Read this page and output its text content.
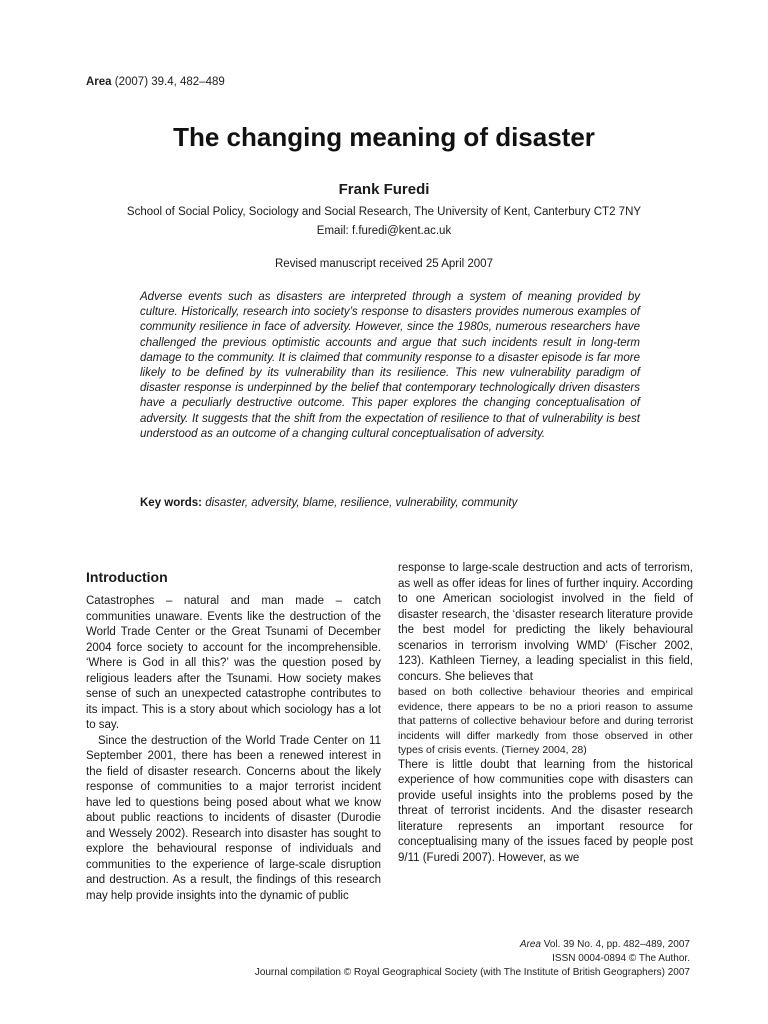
Area (2007) 39.4, 482–489
The changing meaning of disaster
Frank Furedi
School of Social Policy, Sociology and Social Research, The University of Kent, Canterbury CT2 7NY
Email: f.furedi@kent.ac.uk
Revised manuscript received 25 April 2007

Adverse events such as disasters are interpreted through a system of meaning provided by culture. Historically, research into society’s response to disasters provides numerous examples of community resilience in face of adversity. However, since the 1980s, numerous researchers have challenged the previous optimistic accounts and argue that such incidents result in long-term damage to the community. It is claimed that community response to a disaster episode is far more likely to be defined by its vulnerability than its resilience. This new vulnerability paradigm of disaster response is underpinned by the belief that contemporary technologically driven disasters have a peculiarly destructive outcome. This paper explores the changing conceptualisation of adversity. It suggests that the shift from the expectation of resilience to that of vulnerability is best understood as an outcome of a changing cultural conceptualisation of adversity.

Key words: disaster, adversity, blame, resilience, vulnerability, community

Introduction

Catastrophes – natural and man made – catch communities unaware. Events like the destruction of the World Trade Center or the Great Tsunami of December 2004 force society to account for the incomprehensible. ‘Where is God in all this?’ was the question posed by religious leaders after the Tsunami. How society makes sense of such an unexpected catastrophe contributes to its impact. This is a story about which sociology has a lot to say.

Since the destruction of the World Trade Center on 11 September 2001, there has been a renewed interest in the field of disaster research. Concerns about the likely response of communities to a major terrorist incident have led to questions being posed about what we know about public reactions to incidents of disaster (Durodie and Wessely 2002). Research into disaster has sought to explore the behavioural response of individuals and communities to the experience of large-scale disruption and destruction. As a result, the findings of this research may help provide insights into the dynamic of public

response to large-scale destruction and acts of terrorism, as well as offer ideas for lines of further inquiry. According to one American sociologist involved in the field of disaster research, the ‘disaster research literature provide the best model for predicting the likely behavioural scenarios in terrorism involving WMD’ (Fischer 2002, 123). Kathleen Tierney, a leading specialist in this field, concurs. She believes that

based on both collective behaviour theories and empirical evidence, there appears to be no a priori reason to assume that patterns of collective behaviour before and during terrorist incidents will differ markedly from those observed in other types of crisis events. (Tierney 2004, 28)

There is little doubt that learning from the historical experience of how communities cope with disasters can provide useful insights into the problems posed by the threat of terrorist incidents. And the disaster research literature represents an important resource for conceptualising many of the issues faced by people post 9/11 (Furedi 2007). However, as we

Area Vol. 39 No. 4, pp. 482–489, 2007
ISSN 0004-0894 © The Author.
Journal compilation © Royal Geographical Society (with The Institute of British Geographers) 2007
